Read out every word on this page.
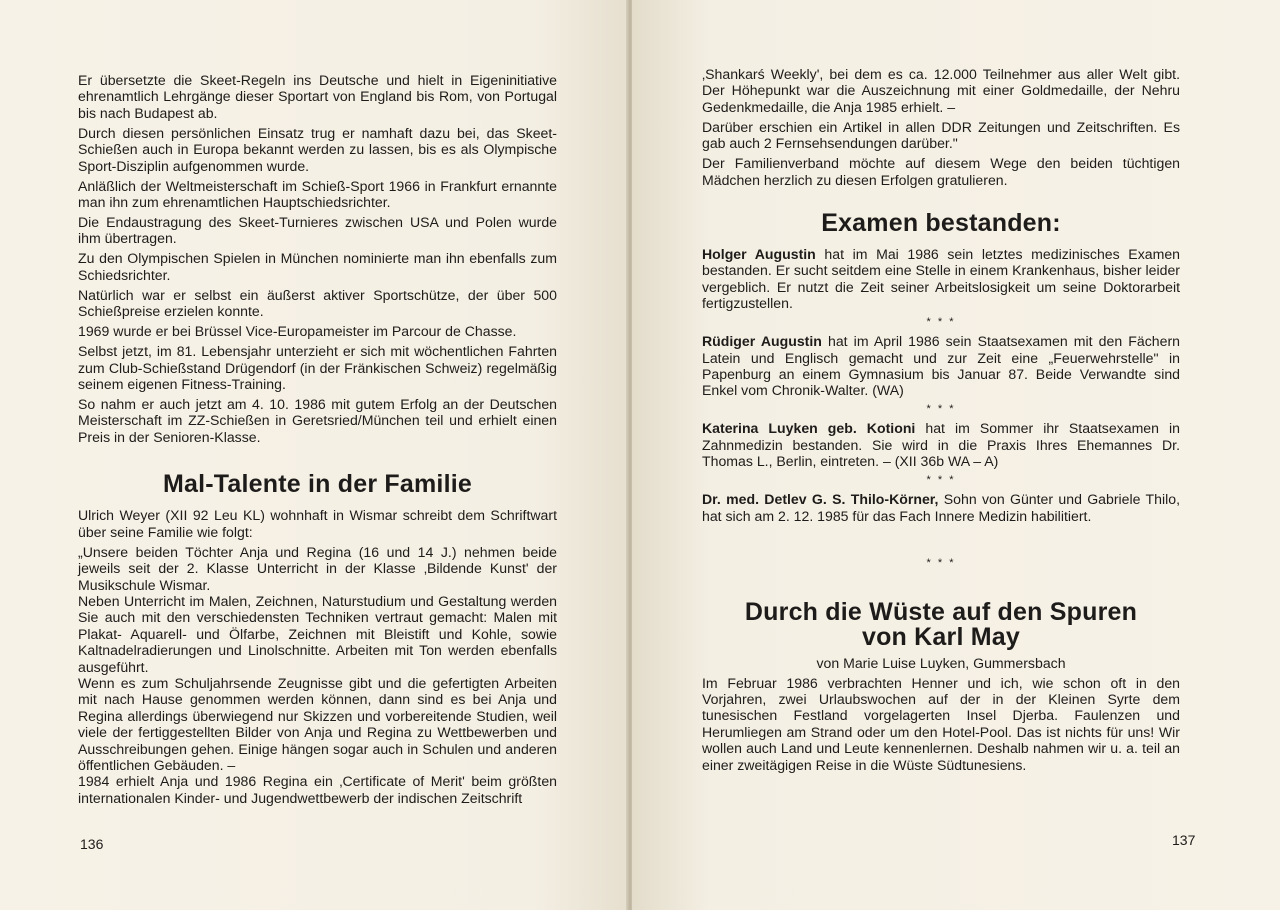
Er übersetzte die Skeet-Regeln ins Deutsche und hielt in Eigeninitiative ehrenamtlich Lehrgänge dieser Sportart von England bis Rom, von Portugal bis nach Budapest ab.

Durch diesen persönlichen Einsatz trug er namhaft dazu bei, das Skeet-Schießen auch in Europa bekannt werden zu lassen, bis es als Olympische Sport-Disziplin aufgenommen wurde.

Anläßlich der Weltmeisterschaft im Schieß-Sport 1966 in Frankfurt ernannte man ihn zum ehrenamtlichen Hauptschiedsrichter.

Die Endaustragung des Skeet-Turnieres zwischen USA und Polen wurde ihm übertragen.

Zu den Olympischen Spielen in München nominierte man ihn ebenfalls zum Schiedsrichter.

Natürlich war er selbst ein äußerst aktiver Sportschütze, der über 500 Schießpreise erzielen konnte.

1969 wurde er bei Brüssel Vice-Europameister im Parcour de Chasse.

Selbst jetzt, im 81. Lebensjahr unterzieht er sich mit wöchentlichen Fahrten zum Club-Schießstand Drügendorf (in der Fränkischen Schweiz) regelmäßig seinem eigenen Fitness-Training.

So nahm er auch jetzt am 4. 10. 1986 mit gutem Erfolg an der Deutschen Meisterschaft im ZZ-Schießen in Geretsried/München teil und erhielt einen Preis in der Senioren-Klasse.

Mal-Talente in der Familie

Ulrich Weyer (XII 92 Leu KL) wohnhaft in Wismar schreibt dem Schriftwart über seine Familie wie folgt:

„Unsere beiden Töchter Anja und Regina (16 und 14 J.) nehmen beide jeweils seit der 2. Klasse Unterricht in der Klasse ‚Bildende Kunst' der Musikschule Wismar.

Neben Unterricht im Malen, Zeichnen, Naturstudium und Gestaltung werden Sie auch mit den verschiedensten Techniken vertraut gemacht: Malen mit Plakat- Aquarell- und Ölfarbe, Zeichnen mit Bleistift und Kohle, sowie Kaltnadelradierungen und Linolschnitte. Arbeiten mit Ton werden ebenfalls ausgeführt.

Wenn es zum Schuljahrsende Zeugnisse gibt und die gefertigten Arbeiten mit nach Hause genommen werden können, dann sind es bei Anja und Regina allerdings überwiegend nur Skizzen und vorbereitende Studien, weil viele der fertiggestellten Bilder von Anja und Regina zu Wettbewerben und Ausschreibungen gehen. Einige hängen sogar auch in Schulen und anderen öffentlichen Gebäuden. –

1984 erhielt Anja und 1986 Regina ein ‚Certificate of Merit' beim größten internationalen Kinder- und Jugendwettbewerb der indischen Zeitschrift

136

‚Shankarś Weekly', bei dem es ca. 12.000 Teilnehmer aus aller Welt gibt. Der Höhepunkt war die Auszeichnung mit einer Goldmedaille, der Nehru Gedenkmedaille, die Anja 1985 erhielt. –

Darüber erschien ein Artikel in allen DDR Zeitungen und Zeitschriften. Es gab auch 2 Fernsehsendungen darüber."

Der Familienverband möchte auf diesem Wege den beiden tüchtigen Mädchen herzlich zu diesen Erfolgen gratulieren.

Examen bestanden:

Holger Augustin hat im Mai 1986 sein letztes medizinisches Examen bestanden. Er sucht seitdem eine Stelle in einem Krankenhaus, bisher leider vergeblich. Er nutzt die Zeit seiner Arbeitslosigkeit um seine Doktorarbeit fertigzustellen.

* * *

Rüdiger Augustin hat im April 1986 sein Staatsexamen mit den Fächern Latein und Englisch gemacht und zur Zeit eine „Feuerwehrstelle" in Papenburg an einem Gymnasium bis Januar 87. Beide Verwandte sind Enkel vom Chronik-Walter. (WA)

* * *

Katerina Luyken geb. Kotioni hat im Sommer ihr Staatsexamen in Zahnmedizin bestanden. Sie wird in die Praxis Ihres Ehemannes Dr. Thomas L., Berlin, eintreten. – (XII 36b WA – A)

* * *

Dr. med. Detlev G. S. Thilo-Körner, Sohn von Günter und Gabriele Thilo, hat sich am 2. 12. 1985 für das Fach Innere Medizin habilitiert.

* * *
Durch die Wüste auf den Spuren
von Karl May
von Marie Luise Luyken, Gummersbach

Im Februar 1986 verbrachten Henner und ich, wie schon oft in den Vorjahren, zwei Urlaubswochen auf der in der Kleinen Syrte dem tunesischen Festland vorgelagerten Insel Djerba. Faulenzen und Herumliegen am Strand oder um den Hotel-Pool. Das ist nichts für uns! Wir wollen auch Land und Leute kennenlernen. Deshalb nahmen wir u. a. teil an einer zweitägigen Reise in die Wüste Südtunesiens.

137
